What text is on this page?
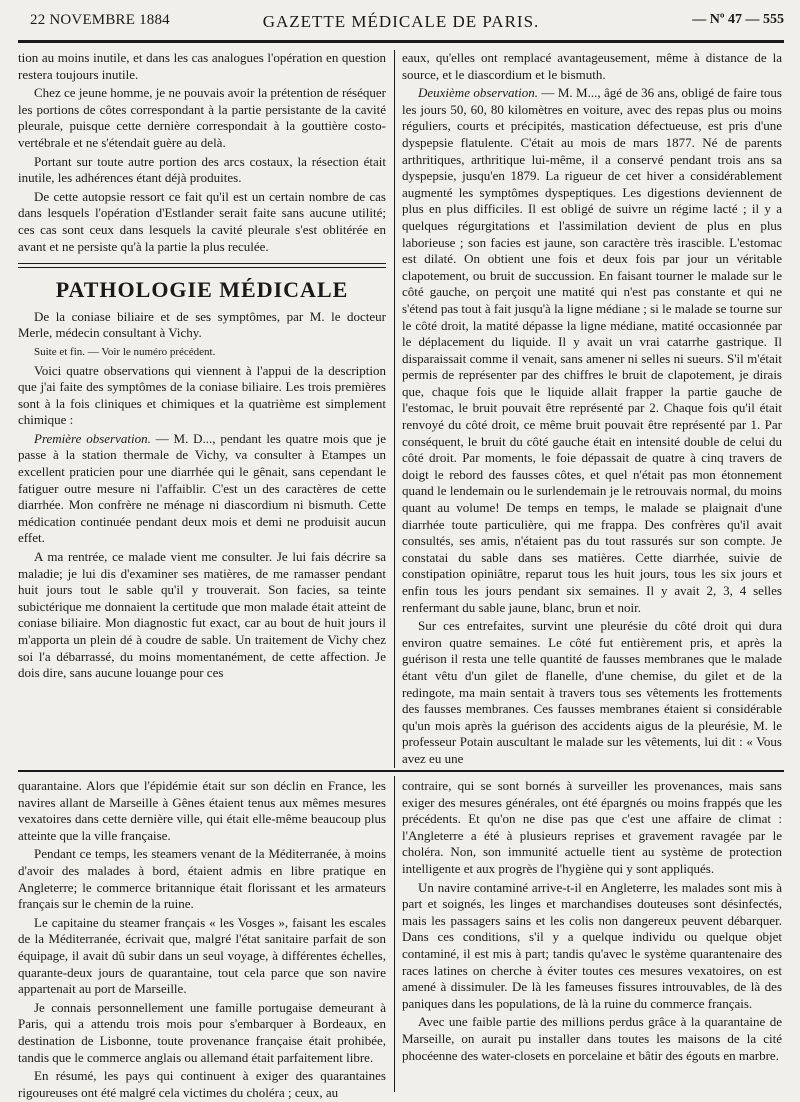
22 NOVEMBRE 1884	GAZETTE MÉDICALE DE PARIS.	— Nº 47 — 555

tion au moins inutile, et dans les cas analogues l'opération en question restera toujours inutile.

Chez ce jeune homme, je ne pouvais avoir la prétention de réséquer les portions de côtes correspondant à la partie persistante de la cavité pleurale, puisque cette dernière correspondait à la gouttière costo-vertébrale et ne s'étendait guère au delà.

Portant sur toute autre portion des arcs costaux, la résection était inutile, les adhérences étant déjà produites.

De cette autopsie ressort ce fait qu'il est un certain nombre de cas dans lesquels l'opération d'Estlander serait faite sans aucune utilité; ces cas sont ceux dans lesquels la cavité pleurale s'est oblitérée en avant et ne persiste qu'à la partie la plus reculée.

PATHOLOGIE MÉDICALE

De la coniase biliaire et de ses symptômes, par M. le docteur Merle, médecin consultant à Vichy.

Suite et fin. — Voir le numéro précédent.

Voici quatre observations qui viennent à l'appui de la description que j'ai faite des symptômes de la coniase biliaire. Les trois premières sont à la fois cliniques et chimiques et la quatrième est simplement chimique :

Première observation. — M. D..., pendant les quatre mois que je passe à la station thermale de Vichy, va consulter à Etampes un excellent praticien pour une diarrhée qui le gênait, sans cependant le fatiguer outre mesure ni l'affaiblir. C'est un des caractères de cette diarrhée. Mon confrère ne ménage ni diascordium ni bismuth. Cette médication continuée pendant deux mois et demi ne produisit aucun effet.

A ma rentrée, ce malade vient me consulter. Je lui fais décrire sa maladie; je lui dis d'examiner ses matières, de me ramasser pendant huit jours tout le sable qu'il y trouverait. Son facies, sa teinte subictérique me donnaient la certitude que mon malade était atteint de coniase biliaire. Mon diagnostic fut exact, car au bout de huit jours il m'apporta un plein dé à coudre de sable. Un traitement de Vichy chez soi l'a débarrassé, du moins momentanément, de cette affection. Je dois dire, sans aucune louange pour ces

eaux, qu'elles ont remplacé avantageusement, même à distance de la source, et le diascordium et le bismuth.

Deuxième observation. — M. M..., âgé de 36 ans, obligé de faire tous les jours 50, 60, 80 kilomètres en voiture, avec des repas plus ou moins réguliers, courts et précipités, mastication défectueuse, est pris d'une dyspepsie flatulente. C'était au mois de mars 1877. Né de parents arthritiques, arthritique lui-même, il a conservé pendant trois ans sa dyspepsie, jusqu'en 1879. La rigueur de cet hiver a considérablement augmenté les symptômes dyspeptiques. Les digestions deviennent de plus en plus difficiles. Il est obligé de suivre un régime lacté ; il y a quelques régurgitations et l'assimilation devient de plus en plus laborieuse ; son facies est jaune, son caractère très irascible. L'estomac est dilaté. On obtient une fois et deux fois par jour un véritable clapotement, ou bruit de succussion. En faisant tourner le malade sur le côté gauche, on perçoit une matité qui n'est pas constante et qui ne s'étend pas tout à fait jusqu'à la ligne médiane ; si le malade se tourne sur le côté droit, la matité dépasse la ligne médiane, matité occasionnée par le déplacement du liquide. Il y avait un vrai catarrhe gastrique. Il disparaissait comme il venait, sans amener ni selles ni sueurs. S'il m'était permis de représenter par des chiffres le bruit de clapotement, je dirais que, chaque fois que le liquide allait frapper la partie gauche de l'estomac, le bruit pouvait être représenté par 2. Chaque fois qu'il était renvoyé du côté droit, ce même bruit pouvait être représenté par 1. Par conséquent, le bruit du côté gauche était en intensité double de celui du côté droit. Par moments, le foie dépassait de quatre à cinq travers de doigt le rebord des fausses côtes, et quel n'était pas mon étonnement quand le lendemain ou le surlendemain je le retrouvais normal, du moins quant au volume! De temps en temps, le malade se plaignait d'une diarrhée toute particulière, qui me frappa. Des confrères qu'il avait consultés, ses amis, n'étaient pas du tout rassurés sur son compte. Je constatai du sable dans ses matières. Cette diarrhée, suivie de constipation opiniâtre, reparut tous les huit jours, tous les six jours et enfin tous les jours pendant six semaines. Il y avait 2, 3, 4 selles renfermant du sable jaune, blanc, brun et noir.

Sur ces entrefaites, survint une pleurésie du côté droit qui dura environ quatre semaines. Le côté fut entièrement pris, et après la guérison il resta une telle quantité de fausses membranes que le malade étant vêtu d'un gilet de flanelle, d'une chemise, du gilet et de la redingote, ma main sentait à travers tous ses vêtements les frottements des fausses membranes. Ces fausses membranes étaient si considérable qu'un mois après la guérison des accidents aigus de la pleurésie, M. le professeur Potain auscultant le malade sur les vêtements, lui dit : « Vous avez eu une

quarantaine. Alors que l'épidémie était sur son déclin en France, les navires allant de Marseille à Gênes étaient tenus aux mêmes mesures vexatoires dans cette dernière ville, qui était elle-même beaucoup plus atteinte que la ville française.

Pendant ce temps, les steamers venant de la Méditerranée, à moins d'avoir des malades à bord, étaient admis en libre pratique en Angleterre; le commerce britannique était florissant et les armateurs français sur le chemin de la ruine.

Le capitaine du steamer français « les Vosges », faisant les escales de la Méditerranée, écrivait que, malgré l'état sanitaire parfait de son équipage, il avait dû subir dans un seul voyage, à différentes échelles, quarante-deux jours de quarantaine, tout cela parce que son navire appartenait au port de Marseille.

Je connais personnellement une famille portugaise demeurant à Paris, qui a attendu trois mois pour s'embarquer à Bordeaux, en destination de Lisbonne, toute provenance française était prohibée, tandis que le commerce anglais ou allemand était parfaitement libre.

En résumé, les pays qui continuent à exiger des quarantaines rigoureuses ont été malgré cela victimes du choléra ; ceux, au

contraire, qui se sont bornés à surveiller les provenances, mais sans exiger des mesures générales, ont été épargnés ou moins frappés que les précédents. Et qu'on ne dise pas que c'est une affaire de climat : l'Angleterre a été à plusieurs reprises et gravement ravagée par le choléra. Non, son immunité actuelle tient au système de protection intelligente et aux progrès de l'hygiène qui y sont appliqués.

Un navire contaminé arrive-t-il en Angleterre, les malades sont mis à part et soignés, les linges et marchandises douteuses sont désinfectés, mais les passagers sains et les colis non dangereux peuvent débarquer. Dans ces conditions, s'il y a quelque individu ou quelque objet contaminé, il est mis à part; tandis qu'avec le système quarantenaire des races latines on cherche à éviter toutes ces mesures vexatoires, on est amené à dissimuler. De là les fameuses fissures introuvables, de là des paniques dans les populations, de là la ruine du commerce français.

Avec une faible partie des millions perdus grâce à la quarantaine de Marseille, on aurait pu installer dans toutes les maisons de la cité phocéenne des water-closets en porcelaine et bâtir des égouts en marbre.
